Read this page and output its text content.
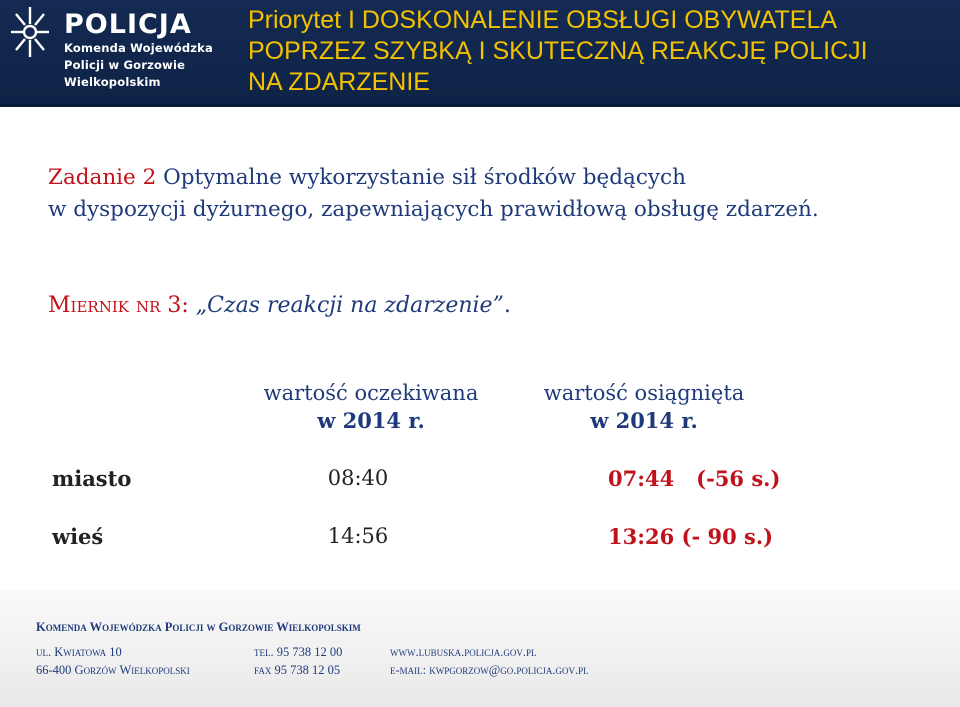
POLICJA
Komenda Wojewódzka
Policji w Gorzowie
Wielkopolskim
Priorytet I DOSKONALENIE OBSŁUGI OBYWATELA
POPRZEZ SZYBKĄ I SKUTECZNĄ REAKCJĘ POLICJI
NA ZDARZENIE
Zadanie 2 Optymalne wykorzystanie sił środków będących
w dyspozycji dyżurnego, zapewniających prawidłową obsługę zdarzeń.
Miernik nr 3: „Czas reakcji na zdarzenie”.
wartość oczekiwana
w 2014 r.
wartość osiągnięta
w 2014 r.
miasto	08:40	07:44   (-56 s.)
wieś	14:56	13:26 (- 90 s.)
Komenda Wojewódzka Policji w Gorzowie Wielkopolskim
ul. Kwiatowa 10
66-400 Gorzów Wielkopolski
tel. 95 738 12 00
fax 95 738 12 05
www.lubuska.policja.gov.pl
e-mail: kwpgorzow@go.policja.gov.pl
